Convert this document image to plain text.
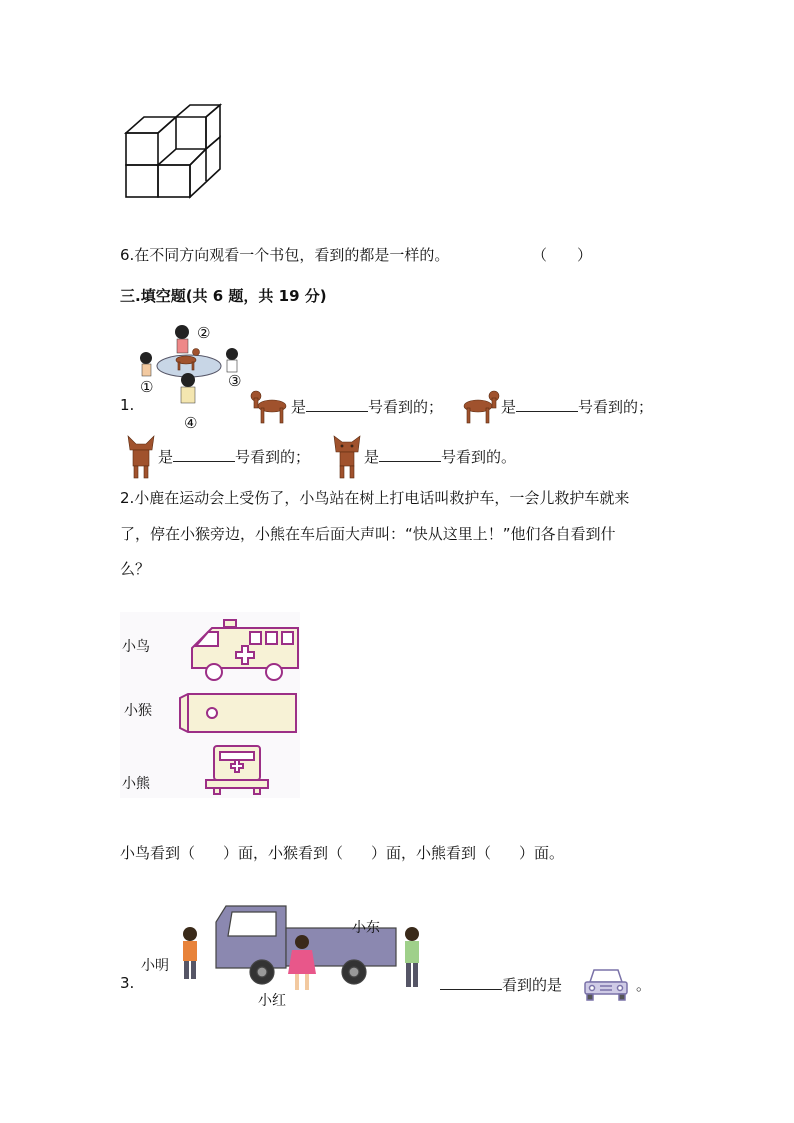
6.在不同方向观看一个书包，看到的都是一样的。	（　　）
三.填空题(共 6 题，共 19 分)
①
②
③
④
1.	是	号看到的；	是	号看到的；
是	号看到的；	是	号看到的。
2.小鹿在运动会上受伤了，小鸟站在树上打电话叫救护车，一会儿救护车就来
了，停在小猴旁边，小熊在车后面大声叫：“快从这里上！”他们各自看到什
么？
小鸟
小猴
小熊
小鸟看到（ ）面，小猴看到（ ）面，小熊看到（ ）面。
3.
小明
小东
小红
看到的是	。
